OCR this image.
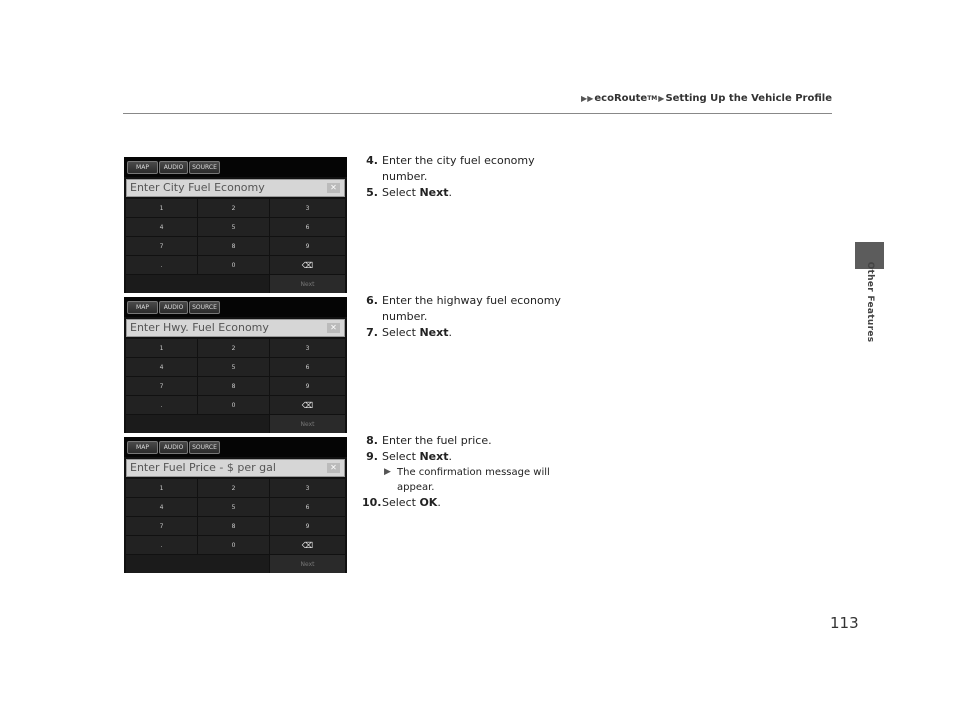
▶▶ ecoRoute TM ▶ Setting Up the Vehicle Profile
Other Features
MAP	AUDIO	SOURCE
Enter City Fuel Economy	✕
1	2	3
4	5	6
7	8	9
.	0	⌫
Next
MAP	AUDIO	SOURCE
Enter Hwy. Fuel Economy	✕
1	2	3
4	5	6
7	8	9
.	0	⌫
Next
MAP	AUDIO	SOURCE
Enter Fuel Price - $ per gal	✕
1	2	3
4	5	6
7	8	9
.	0	⌫
Next
4. Enter the city fuel economy number.
5. Select Next.
6. Enter the highway fuel economy number.
7. Select Next.
8. Enter the fuel price.
9. Select Next.
▶ The confirmation message will appear.
10. Select OK.
113
